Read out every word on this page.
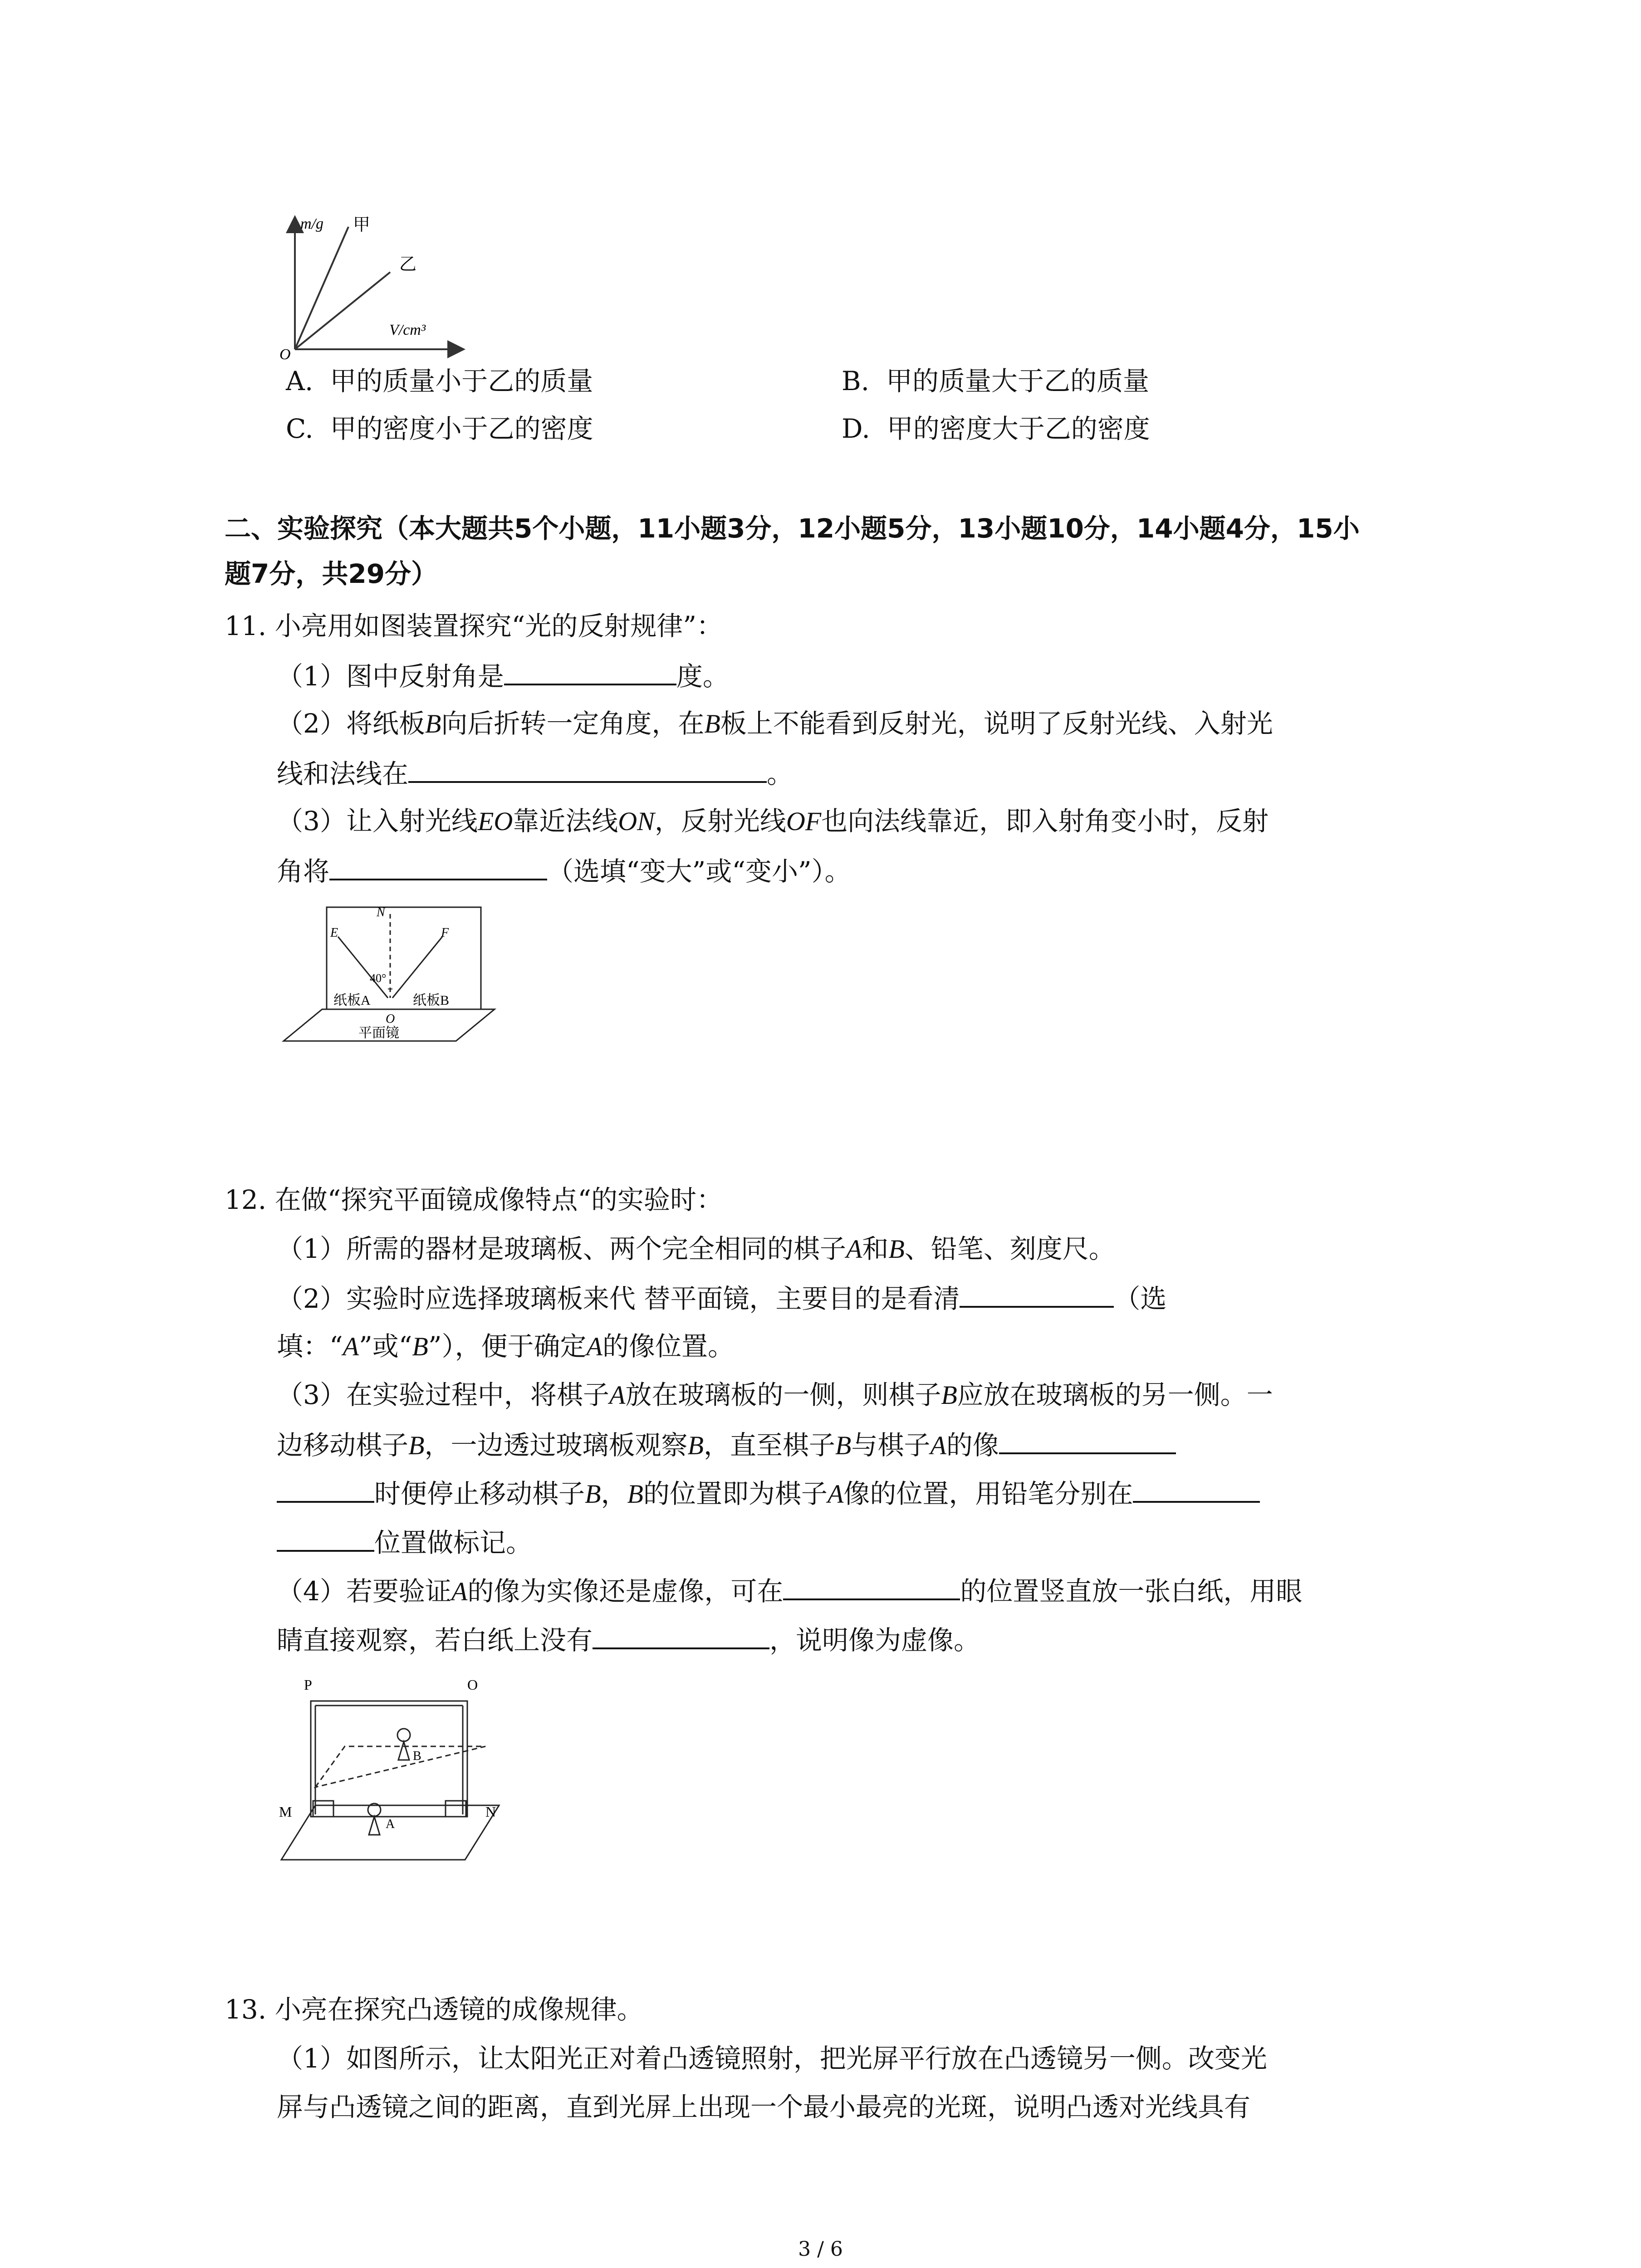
m/g
V/cm³
O
甲
乙
A. 甲的质量小于乙的质量	B. 甲的质量大于乙的质量
C. 甲的密度小于乙的密度	D. 甲的密度大于乙的密度
二、实验探究（本大题共5个小题，11小题3分，12小题5分，13小题10分，14小题4分，15小
题7分，共29分）
11. 小亮用如图装置探究“光的反射规律”：
（1）图中反射角是	度。
（2）将纸板B向后折转一定角度，在B板上不能看到反射光，说明了反射光线、入射光
线和法线在	。
（3）让入射光线EO靠近法线ON，反射光线OF也向法线靠近，即入射角变小时，反射
角将	（选填“变大”或“变小”）。
N
E	F
40°
纸板A	纸板B
O
平面镜
12. 在做“探究平面镜成像特点“的实验时：
（1）所需的器材是玻璃板、两个完全相同的棋子A和B、铅笔、刻度尺。
（2）实验时应选择玻璃板来代 替平面镜，主要目的是看清	（选
填：“A”或“B”），便于确定A的像位置。
（3）在实验过程中，将棋子A放在玻璃板的一侧，则棋子B应放在玻璃板的另一侧。一
边移动棋子B，一边透过玻璃板观察B，直至棋子B与棋子A的像
时便停止移动棋子B，B的位置即为棋子A像的位置，用铅笔分别在
位置做标记。
（4）若要验证A的像为实像还是虚像，可在	的位置竖直放一张白纸，用眼
睛直接观察，若白纸上没有	，说明像为虚像。
P	O
M	N
B
A
13. 小亮在探究凸透镜的成像规律。
（1）如图所示，让太阳光正对着凸透镜照射，把光屏平行放在凸透镜另一侧。改变光
屏与凸透镜之间的距离，直到光屏上出现一个最小最亮的光斑，说明凸透对光线具有
3 / 6
